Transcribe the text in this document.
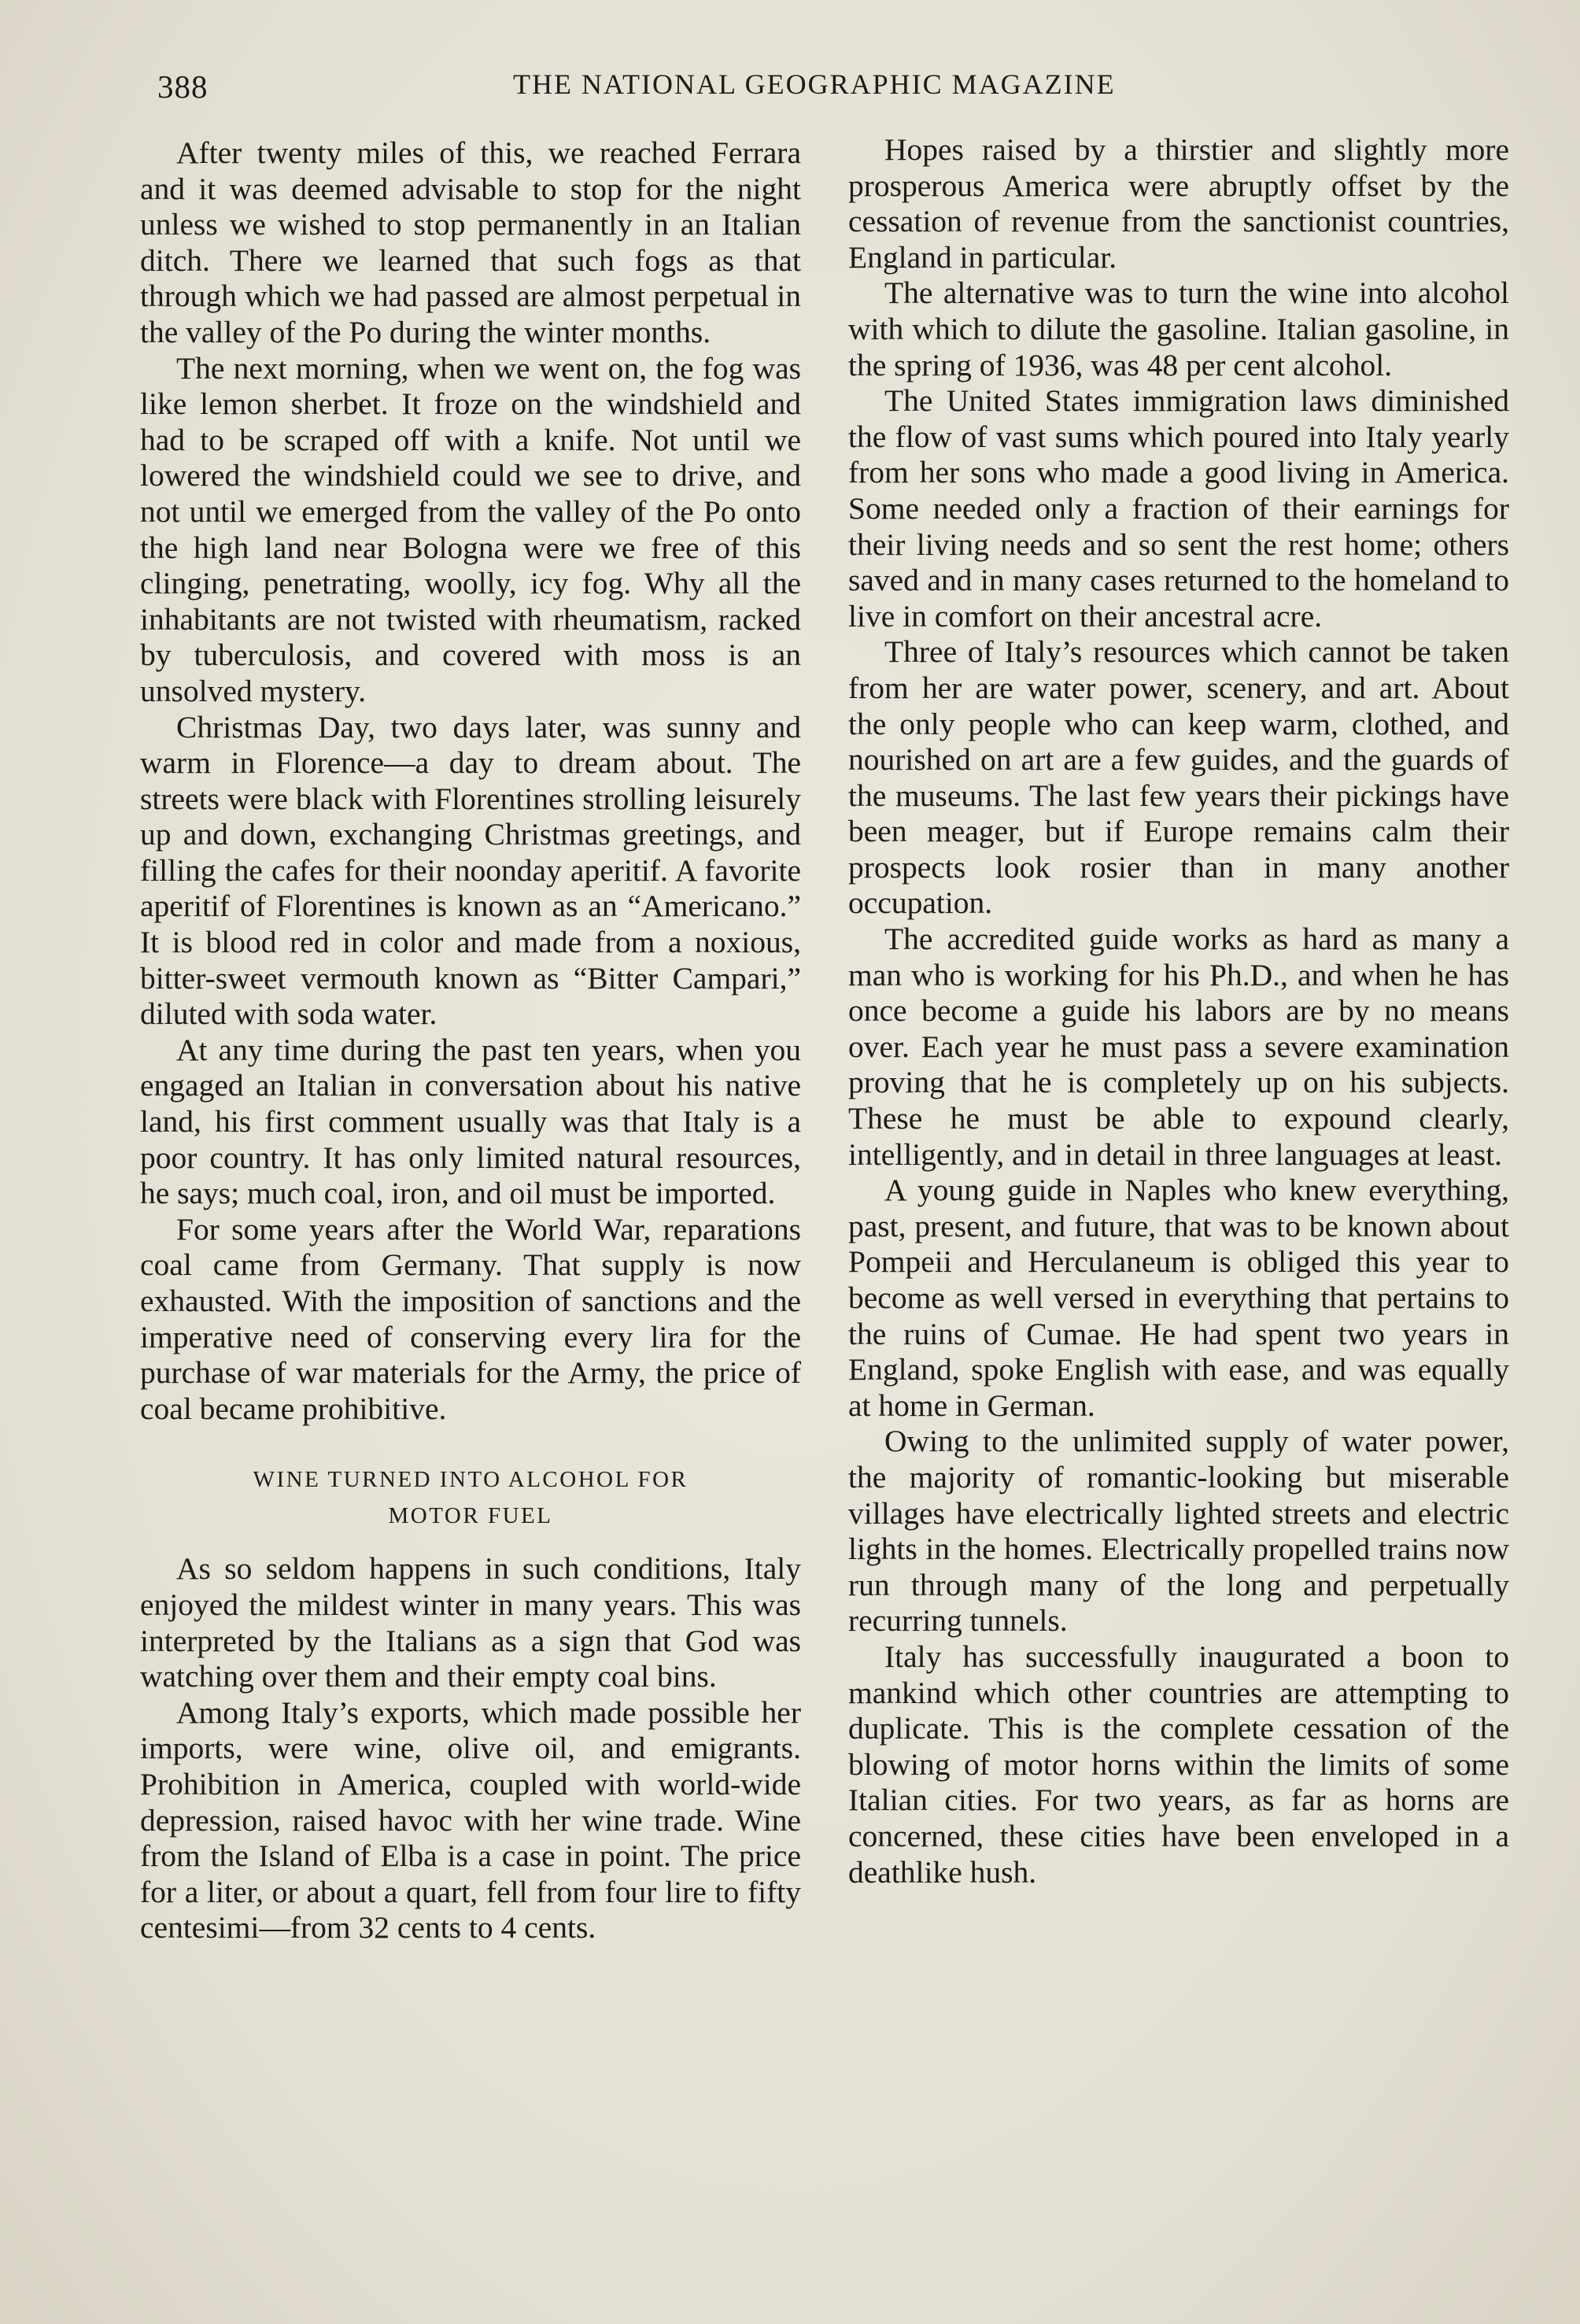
388	THE NATIONAL GEOGRAPHIC MAGAZINE

After twenty miles of this, we reached Ferrara and it was deemed advisable to stop for the night unless we wished to stop permanently in an Italian ditch. There we learned that such fogs as that through which we had passed are almost perpetual in the valley of the Po during the winter months.

The next morning, when we went on, the fog was like lemon sherbet. It froze on the windshield and had to be scraped off with a knife. Not until we lowered the windshield could we see to drive, and not until we emerged from the valley of the Po onto the high land near Bologna were we free of this clinging, penetrating, woolly, icy fog. Why all the inhabitants are not twisted with rheumatism, racked by tuberculosis, and covered with moss is an unsolved mystery.

Christmas Day, two days later, was sunny and warm in Florence—a day to dream about. The streets were black with Florentines strolling leisurely up and down, exchanging Christmas greetings, and filling the cafes for their noonday aperitif. A favorite aperitif of Florentines is known as an “Americano.” It is blood red in color and made from a noxious, bitter-sweet vermouth known as “Bitter Campari,” diluted with soda water.

At any time during the past ten years, when you engaged an Italian in conversation about his native land, his first comment usually was that Italy is a poor country. It has only limited natural resources, he says; much coal, iron, and oil must be imported.

For some years after the World War, reparations coal came from Germany. That supply is now exhausted. With the imposition of sanctions and the imperative need of conserving every lira for the purchase of war materials for the Army, the price of coal became prohibitive.

WINE TURNED INTO ALCOHOL FOR
MOTOR FUEL

As so seldom happens in such conditions, Italy enjoyed the mildest winter in many years. This was interpreted by the Italians as a sign that God was watching over them and their empty coal bins.

Among Italy’s exports, which made possible her imports, were wine, olive oil, and emigrants. Prohibition in America, coupled with world-wide depression, raised havoc with her wine trade. Wine from the Island of Elba is a case in point. The price for a liter, or about a quart, fell from four lire to fifty centesimi—from 32 cents to 4 cents.

Hopes raised by a thirstier and slightly more prosperous America were abruptly offset by the cessation of revenue from the sanctionist countries, England in particular.

The alternative was to turn the wine into alcohol with which to dilute the gasoline. Italian gasoline, in the spring of 1936, was 48 per cent alcohol.

The United States immigration laws diminished the flow of vast sums which poured into Italy yearly from her sons who made a good living in America. Some needed only a fraction of their earnings for their living needs and so sent the rest home; others saved and in many cases returned to the homeland to live in comfort on their ancestral acre.

Three of Italy’s resources which cannot be taken from her are water power, scenery, and art. About the only people who can keep warm, clothed, and nourished on art are a few guides, and the guards of the museums. The last few years their pickings have been meager, but if Europe remains calm their prospects look rosier than in many another occupation.

The accredited guide works as hard as many a man who is working for his Ph.D., and when he has once become a guide his labors are by no means over. Each year he must pass a severe examination proving that he is completely up on his subjects. These he must be able to expound clearly, intelligently, and in detail in three languages at least.

A young guide in Naples who knew everything, past, present, and future, that was to be known about Pompeii and Herculaneum is obliged this year to become as well versed in everything that pertains to the ruins of Cumae. He had spent two years in England, spoke English with ease, and was equally at home in German.

Owing to the unlimited supply of water power, the majority of romantic-looking but miserable villages have electrically lighted streets and electric lights in the homes. Electrically propelled trains now run through many of the long and perpetually recurring tunnels.

Italy has successfully inaugurated a boon to mankind which other countries are attempting to duplicate. This is the complete cessation of the blowing of motor horns within the limits of some Italian cities. For two years, as far as horns are concerned, these cities have been enveloped in a deathlike hush.
